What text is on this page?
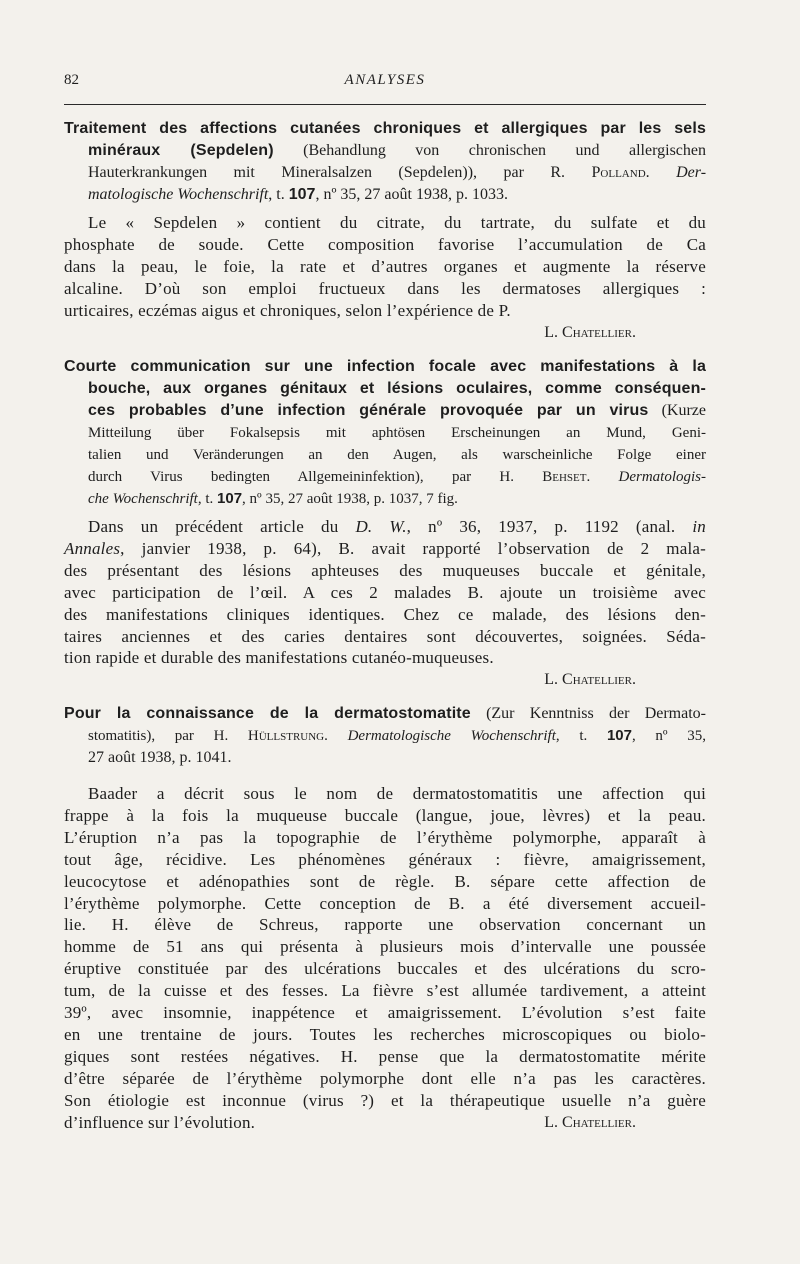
82	ANALYSES
Traitement des affections cutanées chroniques et allergiques par les sels
minéraux (Sepdelen) (Behandlung von chronischen und allergischen
Hauterkrankungen mit Mineralsalzen (Sepdelen)), par R. Polland. Der-
matologische Wochenschrift, t. 107, nº 35, 27 août 1938, p. 1033.
Le « Sepdelen » contient du citrate, du tartrate, du sulfate et du
phosphate de soude. Cette composition favorise l’accumulation de Ca
dans la peau, le foie, la rate et d’autres organes et augmente la réserve
alcaline. D’où son emploi fructueux dans les dermatoses allergiques :
urticaires, eczémas aigus et chroniques, selon l’expérience de P.
L. Chatellier.
Courte communication sur une infection focale avec manifestations à la
bouche, aux organes génitaux et lésions oculaires, comme conséquen-
ces probables d’une infection générale provoquée par un virus (Kurze
Mitteilung über Fokalsepsis mit aphtösen Erscheinungen an Mund, Geni-
talien und Veränderungen an den Augen, als warscheinliche Folge einer
durch Virus bedingten Allgemeininfektion), par H. Behset. Dermatologis-
che Wochenschrift, t. 107, nº 35, 27 août 1938, p. 1037, 7 fig.
Dans un précédent article du D. W., nº 36, 1937, p. 1192 (anal. in
Annales, janvier 1938, p. 64), B. avait rapporté l’observation de 2 mala-
des présentant des lésions aphteuses des muqueuses buccale et génitale,
avec participation de l’œil. A ces 2 malades B. ajoute un troisième avec
des manifestations cliniques identiques. Chez ce malade, des lésions den-
taires anciennes et des caries dentaires sont découvertes, soignées. Séda-
tion rapide et durable des manifestations cutanéo-muqueuses.
L. Chatellier.
Pour la connaissance de la dermatostomatite (Zur Kenntniss der Dermato-
stomatitis), par H. Hüllstrung. Dermatologische Wochenschrift, t. 107, nº 35,
27 août 1938, p. 1041.
Baader a décrit sous le nom de dermatostomatitis une affection qui
frappe à la fois la muqueuse buccale (langue, joue, lèvres) et la peau.
L’éruption n’a pas la topographie de l’érythème polymorphe, apparaît à
tout âge, récidive. Les phénomènes généraux : fièvre, amaigrissement,
leucocytose et adénopathies sont de règle. B. sépare cette affection de
l’érythème polymorphe. Cette conception de B. a été diversement accueil-
lie. H. élève de Schreus, rapporte une observation concernant un
homme de 51 ans qui présenta à plusieurs mois d’intervalle une poussée
éruptive constituée par des ulcérations buccales et des ulcérations du scro-
tum, de la cuisse et des fesses. La fièvre s’est allumée tardivement, a atteint
39º, avec insomnie, inappétence et amaigrissement. L’évolution s’est faite
en une trentaine de jours. Toutes les recherches microscopiques ou biolo-
giques sont restées négatives. H. pense que la dermatostomatite mérite
d’être séparée de l’érythème polymorphe dont elle n’a pas les caractères.
Son étiologie est inconnue (virus ?) et la thérapeutique usuelle n’a guère
d’influence sur l’évolution.	L. Chatellier.
